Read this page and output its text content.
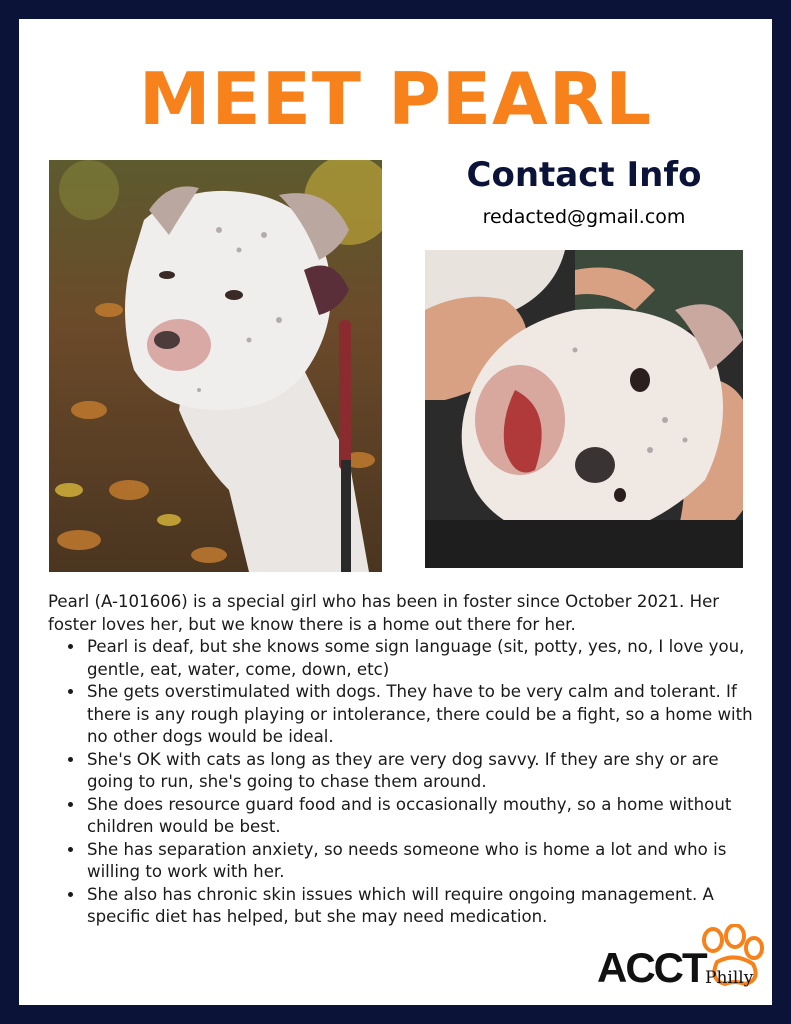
MEET PEARL
Contact Info
redacted@gmail.com

Pearl (A-101606) is a special girl who has been in foster since October 2021. Her foster loves her, but we know there is a home out there for her.

• Pearl is deaf, but she knows some sign language (sit, potty, yes, no, I love you, gentle, eat, water, come, down, etc)
• She gets overstimulated with dogs. They have to be very calm and tolerant. If there is any rough playing or intolerance, there could be a fight, so a home with no other dogs would be ideal.
• She's OK with cats as long as they are very dog savvy. If they are shy or are going to run, she's going to chase them around.
• She does resource guard food and is occasionally mouthy, so a home without children would be best.
• She has separation anxiety, so needs someone who is home a lot and who is willing to work with her.
• She also has chronic skin issues which will require ongoing management. A specific diet has helped, but she may need medication.
ACCT Philly
